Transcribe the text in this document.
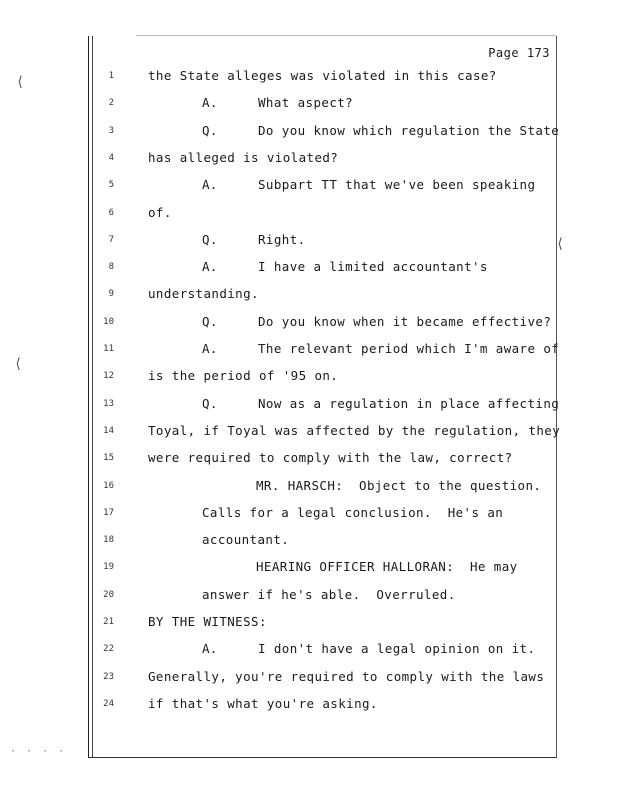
⟨
⟨
⟨
· · · ·
Page 173
1	the State alleges was violated in this case?
2	A.	What aspect?
3	Q.	Do you know which regulation the State
4	has alleged is violated?
5	A.	Subpart TT that we've been speaking
6	of.
7	Q.	Right.
8	A.	I have a limited accountant's
9	understanding.
10	Q.	Do you know when it became effective?
11	A.	The relevant period which I'm aware of
12	is the period of '95 on.
13	Q.	Now as a regulation in place affecting
14	Toyal, if Toyal was affected by the regulation, they
15	were required to comply with the law, correct?
16	MR. HARSCH:  Object to the question.
17	Calls for a legal conclusion.  He's an
18	accountant.
19	HEARING OFFICER HALLORAN:  He may
20	answer if he's able.  Overruled.
21	BY THE WITNESS:
22	A.	I don't have a legal opinion on it.
23	Generally, you're required to comply with the laws
24	if that's what you're asking.
